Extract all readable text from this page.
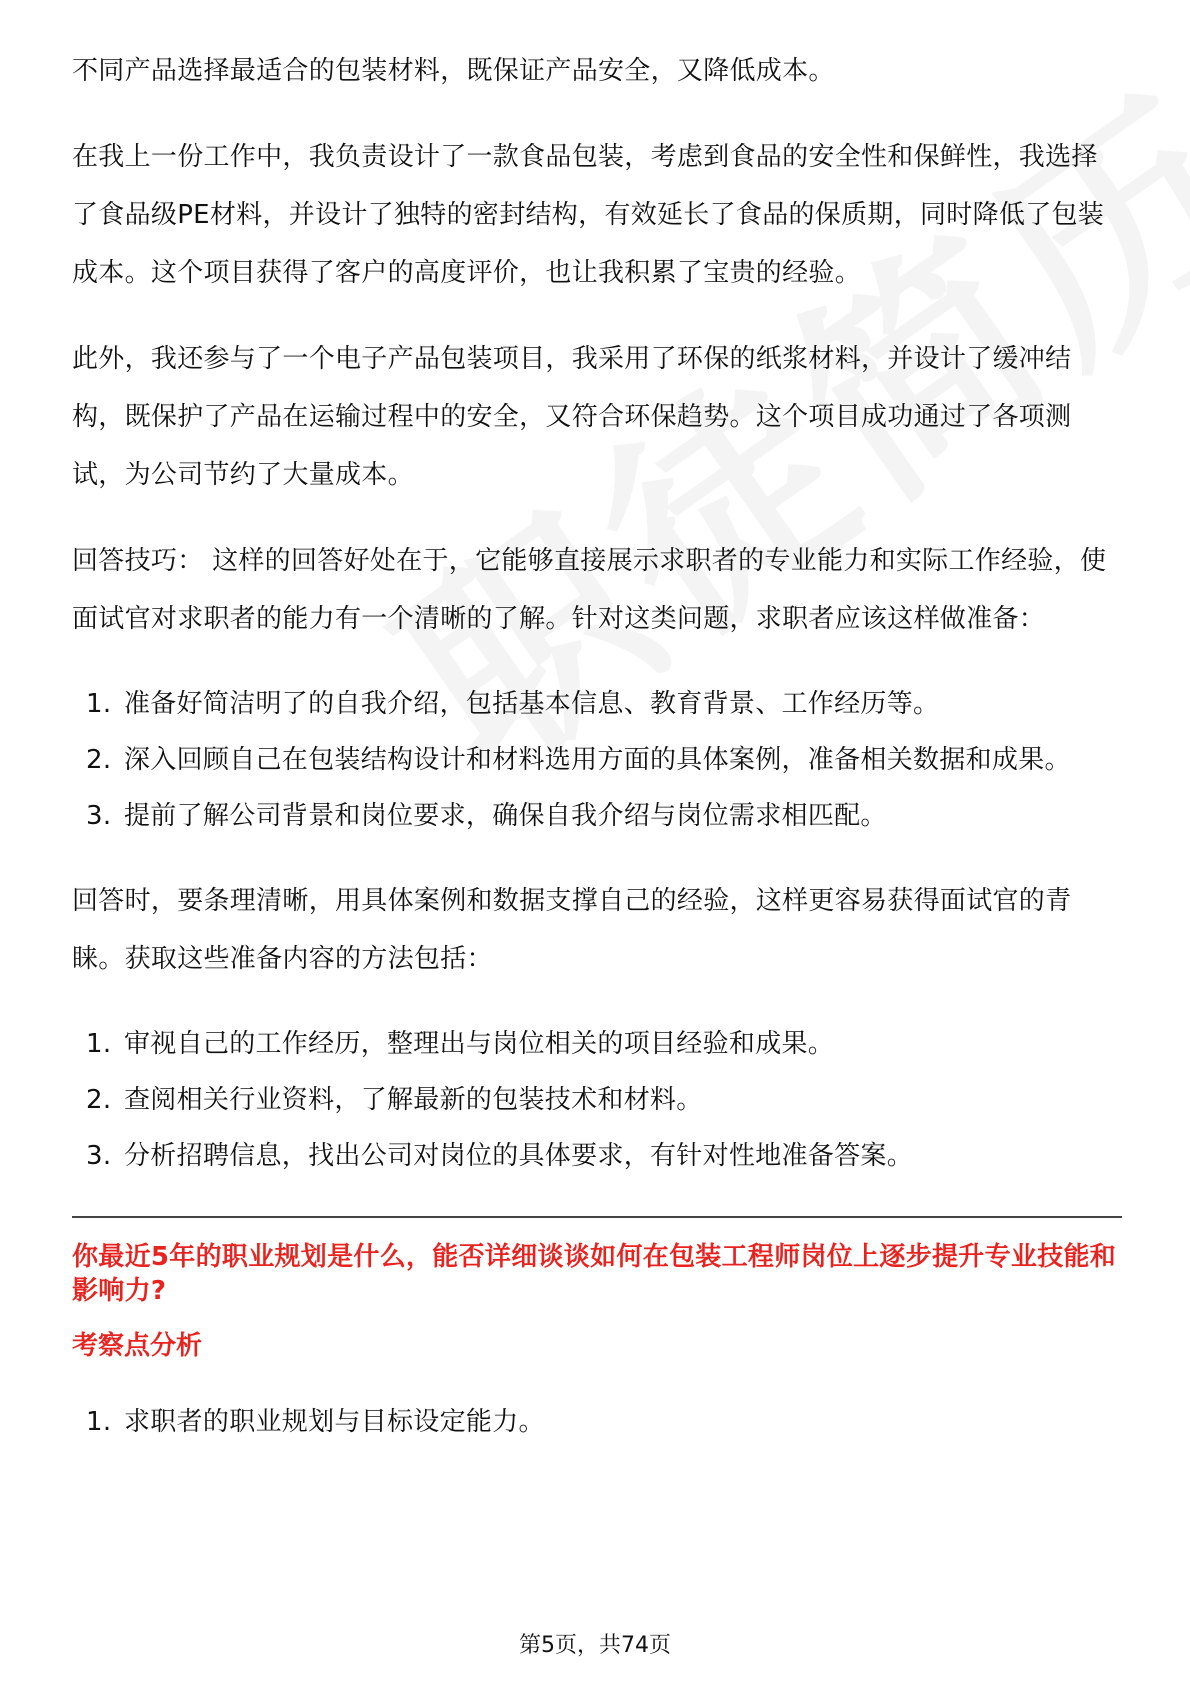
不同产品选择最适合的包装材料，既保证产品安全，又降低成本。

在我上一份工作中，我负责设计了一款食品包装，考虑到食品的安全性和保鲜性，我选择了食品级PE材料，并设计了独特的密封结构，有效延长了食品的保质期，同时降低了包装成本。这个项目获得了客户的高度评价，也让我积累了宝贵的经验。

此外，我还参与了一个电子产品包装项目，我采用了环保的纸浆材料，并设计了缓冲结构，既保护了产品在运输过程中的安全，又符合环保趋势。这个项目成功通过了各项测试，为公司节约了大量成本。

回答技巧： 这样的回答好处在于，它能够直接展示求职者的专业能力和实际工作经验，使面试官对求职者的能力有一个清晰的了解。针对这类问题，求职者应该这样做准备：

1. 准备好简洁明了的自我介绍，包括基本信息、教育背景、工作经历等。
2. 深入回顾自己在包装结构设计和材料选用方面的具体案例，准备相关数据和成果。
3. 提前了解公司背景和岗位要求，确保自我介绍与岗位需求相匹配。

回答时，要条理清晰，用具体案例和数据支撑自己的经验，这样更容易获得面试官的青睐。获取这些准备内容的方法包括：

1. 审视自己的工作经历，整理出与岗位相关的项目经验和成果。
2. 查阅相关行业资料，了解最新的包装技术和材料。
3. 分析招聘信息，找出公司对岗位的具体要求，有针对性地准备答案。
你最近5年的职业规划是什么，能否详细谈谈如何在包装工程师岗位上逐步提升专业技能和影响力?
考察点分析
1. 求职者的职业规划与目标设定能力。
第5页，共74页
